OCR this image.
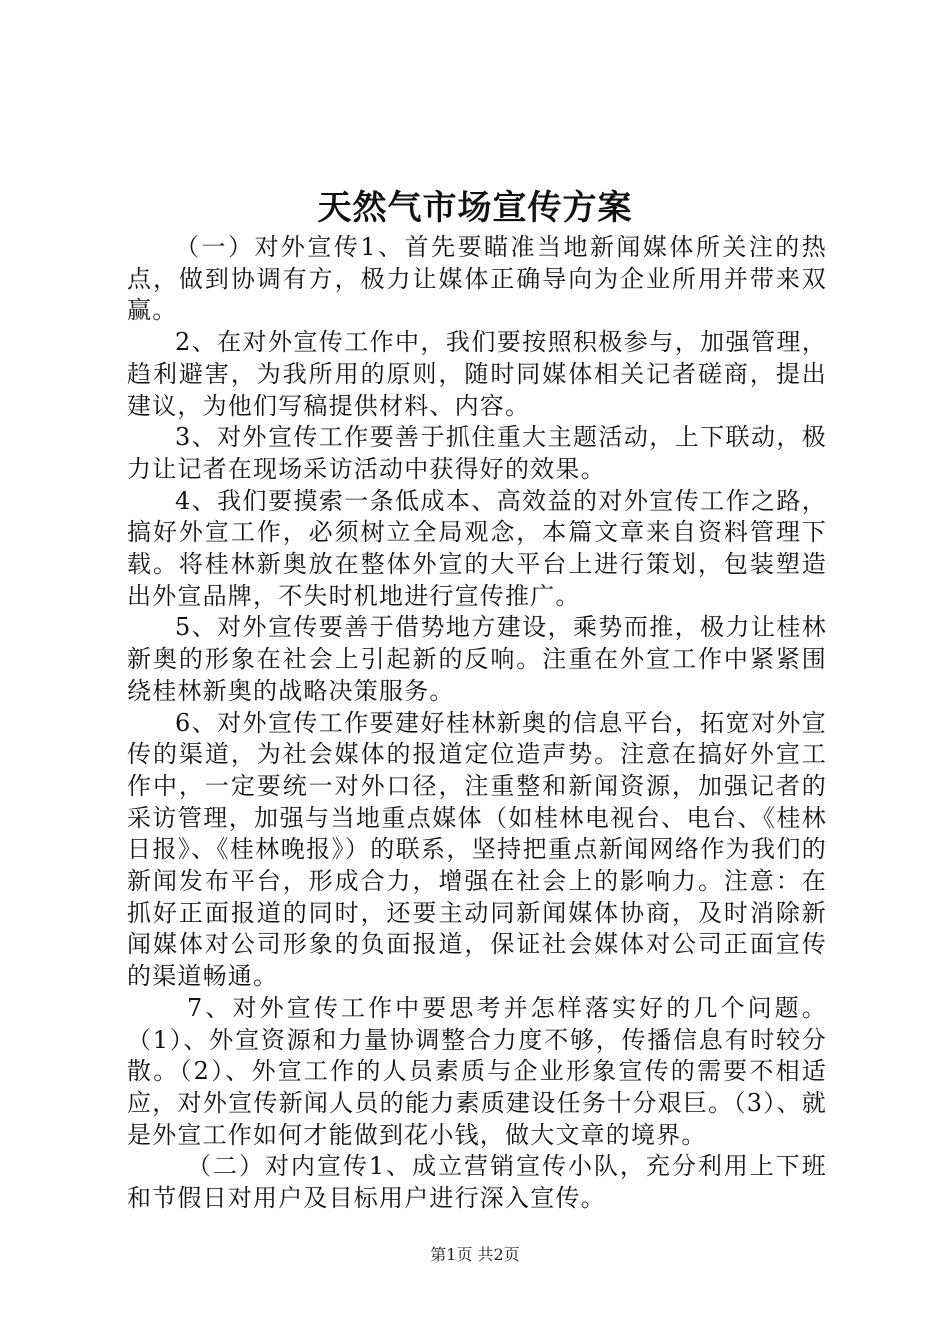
天然气市场宣传方案

（一）对外宣传1、首先要瞄准当地新闻媒体所关注的热点，做到协调有方，极力让媒体正确导向为企业所用并带来双赢。

2、在对外宣传工作中，我们要按照积极参与，加强管理，趋利避害，为我所用的原则，随时同媒体相关记者磋商，提出建议，为他们写稿提供材料、内容。

3、对外宣传工作要善于抓住重大主题活动，上下联动，极力让记者在现场采访活动中获得好的效果。

4、我们要摸索一条低成本、高效益的对外宣传工作之路，搞好外宣工作，必须树立全局观念，本篇文章来自资料管理下载。将桂林新奥放在整体外宣的大平台上进行策划，包装塑造出外宣品牌，不失时机地进行宣传推广。

5、对外宣传要善于借势地方建设，乘势而推，极力让桂林新奥的形象在社会上引起新的反响。注重在外宣工作中紧紧围绕桂林新奥的战略决策服务。

6、对外宣传工作要建好桂林新奥的信息平台，拓宽对外宣传的渠道，为社会媒体的报道定位造声势。注意在搞好外宣工作中，一定要统一对外口径，注重整和新闻资源，加强记者的采访管理，加强与当地重点媒体（如桂林电视台、电台、《桂林日报》、《桂林晚报》）的联系，坚持把重点新闻网络作为我们的新闻发布平台，形成合力，增强在社会上的影响力。注意：在抓好正面报道的同时，还要主动同新闻媒体协商，及时消除新闻媒体对公司形象的负面报道，保证社会媒体对公司正面宣传的渠道畅通。

7、对外宣传工作中要思考并怎样落实好的几个问题。（1）、外宣资源和力量协调整合力度不够，传播信息有时较分散。（2）、外宣工作的人员素质与企业形象宣传的需要不相适应，对外宣传新闻人员的能力素质建设任务十分艰巨。（3）、就是外宣工作如何才能做到花小钱，做大文章的境界。

（二）对内宣传1、成立营销宣传小队，充分利用上下班和节假日对用户及目标用户进行深入宣传。

第1页 共2页
